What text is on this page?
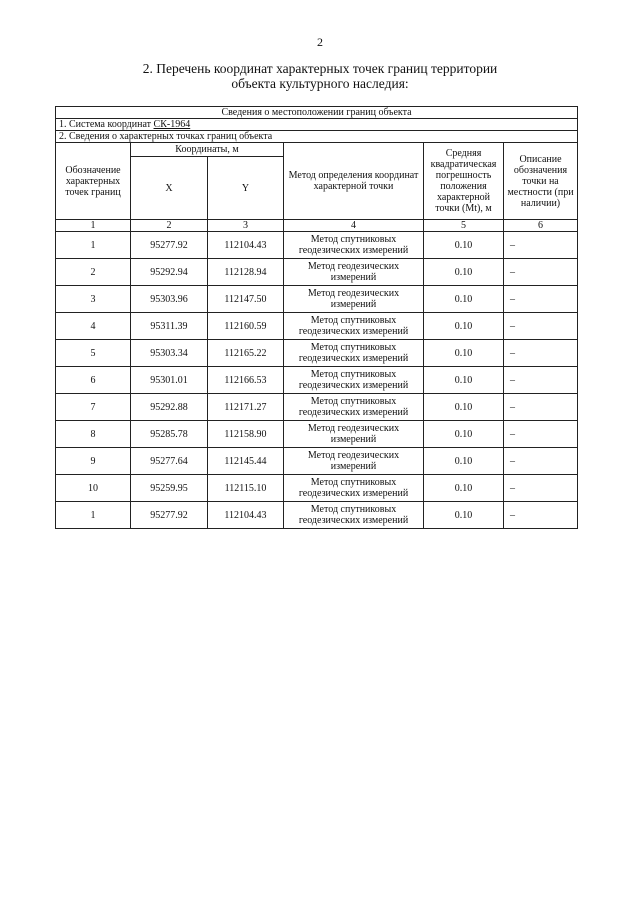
2
2. Перечень координат характерных точек границ территории
объекта культурного наследия:
Сведения о местоположении границ объекта					
1. Система координат СК-1964					
2. Сведения о характерных точках границ объекта					
Обозначение характерных точек границ	Координаты, м		Метод определения координат характерной точки	Средняя квадратическая погрешность положения характерной точки (Mt), м	Описание обозначения точки на местности (при наличии)
	X	Y			
1	2	3	4	5	6
1	95277.92	112104.43	Метод спутниковых геодезических измерений	0.10	–
2	95292.94	112128.94	Метод геодезических измерений	0.10	–
3	95303.96	112147.50	Метод геодезических измерений	0.10	–
4	95311.39	112160.59	Метод спутниковых геодезических измерений	0.10	–
5	95303.34	112165.22	Метод спутниковых геодезических измерений	0.10	–
6	95301.01	112166.53	Метод спутниковых геодезических измерений	0.10	–
7	95292.88	112171.27	Метод спутниковых геодезических измерений	0.10	–
8	95285.78	112158.90	Метод геодезических измерений	0.10	–
9	95277.64	112145.44	Метод геодезических измерений	0.10	–
10	95259.95	112115.10	Метод спутниковых геодезических измерений	0.10	–
1	95277.92	112104.43	Метод спутниковых геодезических измерений	0.10	–
